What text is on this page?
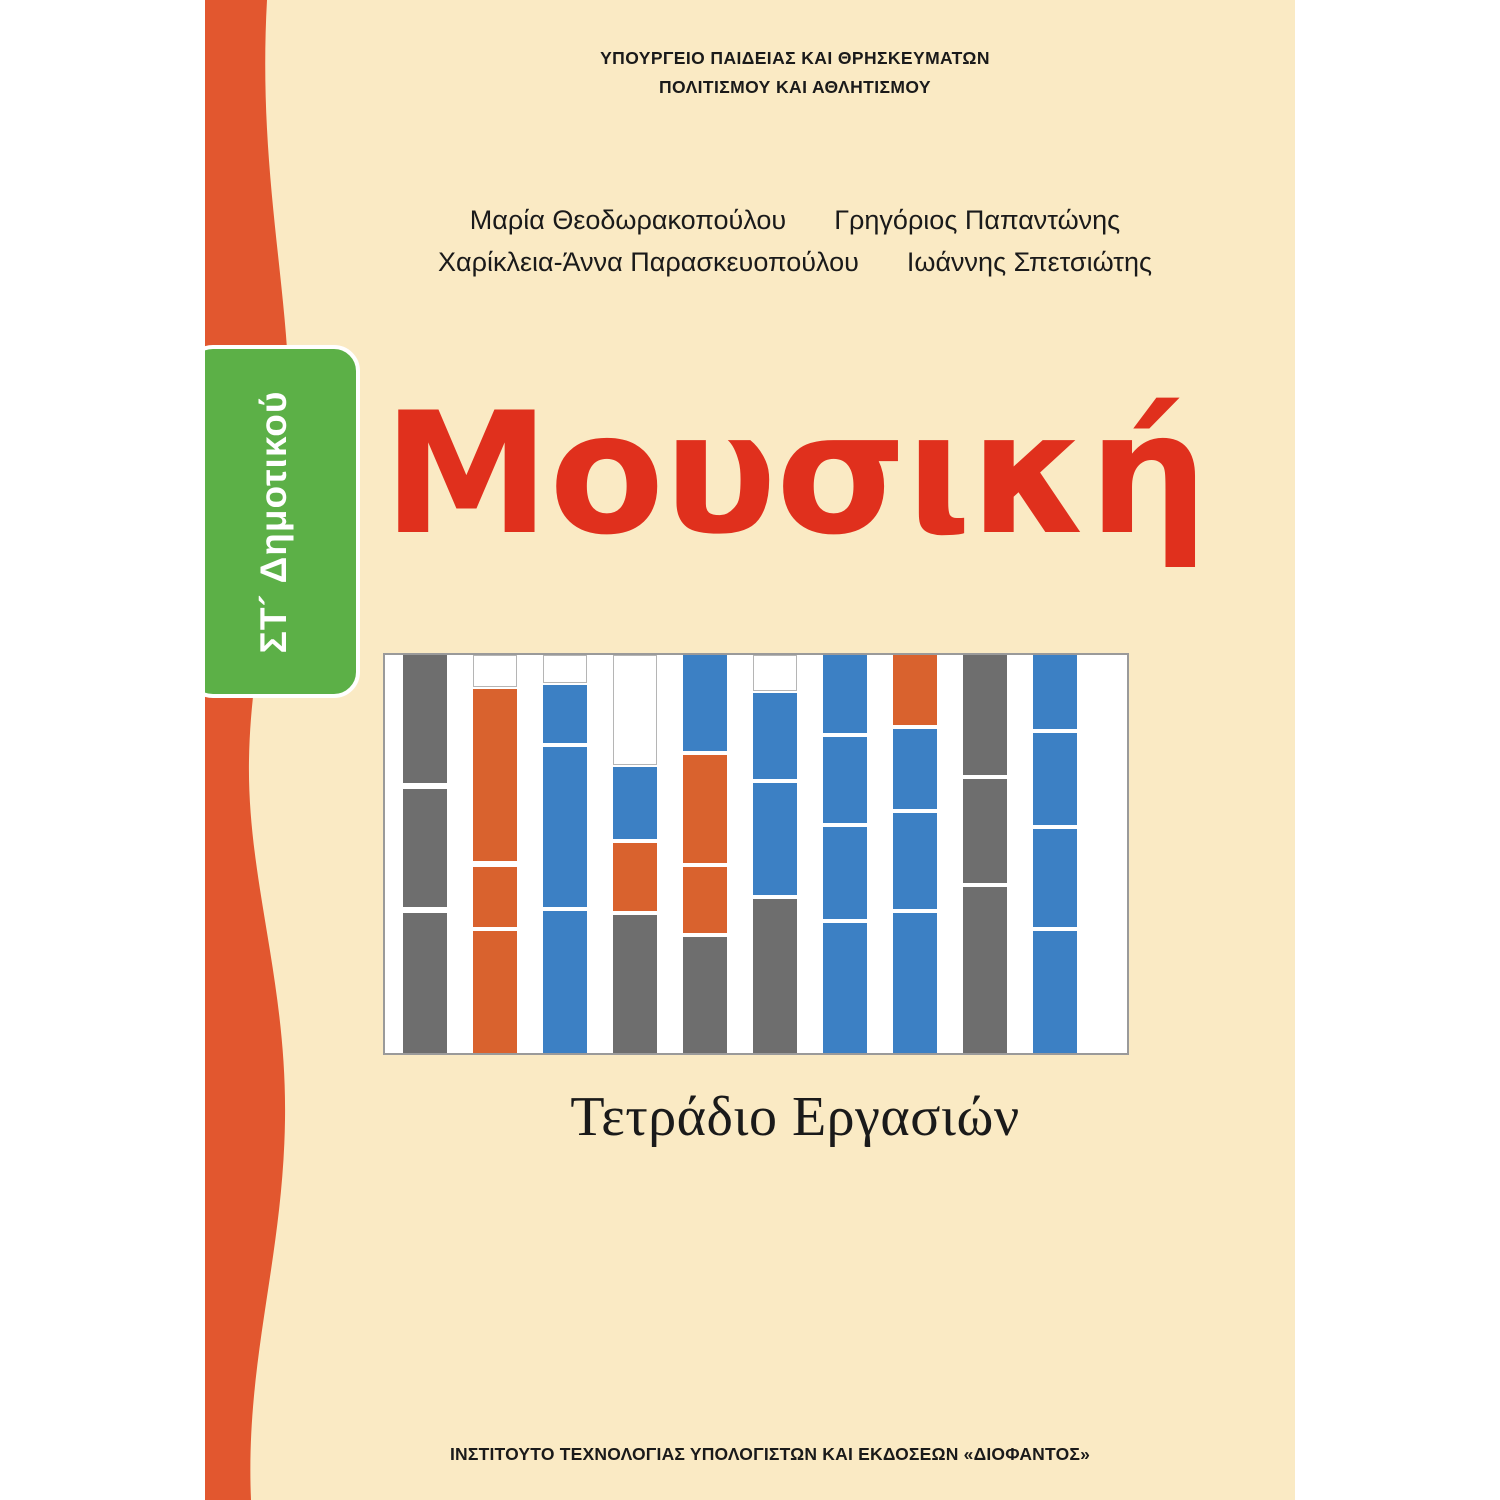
ΥΠΟΥΡΓΕΙΟ ΠΑΙΔΕΙΑΣ ΚΑΙ ΘΡΗΣΚΕΥΜΑΤΩΝ
ΠΟΛΙΤΙΣΜΟΥ ΚΑΙ ΑΘΛΗΤΙΣΜΟΥ
Μαρία Θεοδωρακοπούλου Γρηγόριος Παπαντώνης
Χαρίκλεια-Άννα Παρασκευοπούλου Ιωάννης Σπετσιώτης
ΣΤ´ Δημοτικού Μουσική
Τετράδιο Εργασιών
ΙΝΣΤΙΤΟΥΤΟ ΤΕΧΝΟΛΟΓΙΑΣ ΥΠΟΛΟΓΙΣΤΩΝ ΚΑΙ ΕΚΔΟΣΕΩΝ «ΔΙΟΦΑΝΤΟΣ»
